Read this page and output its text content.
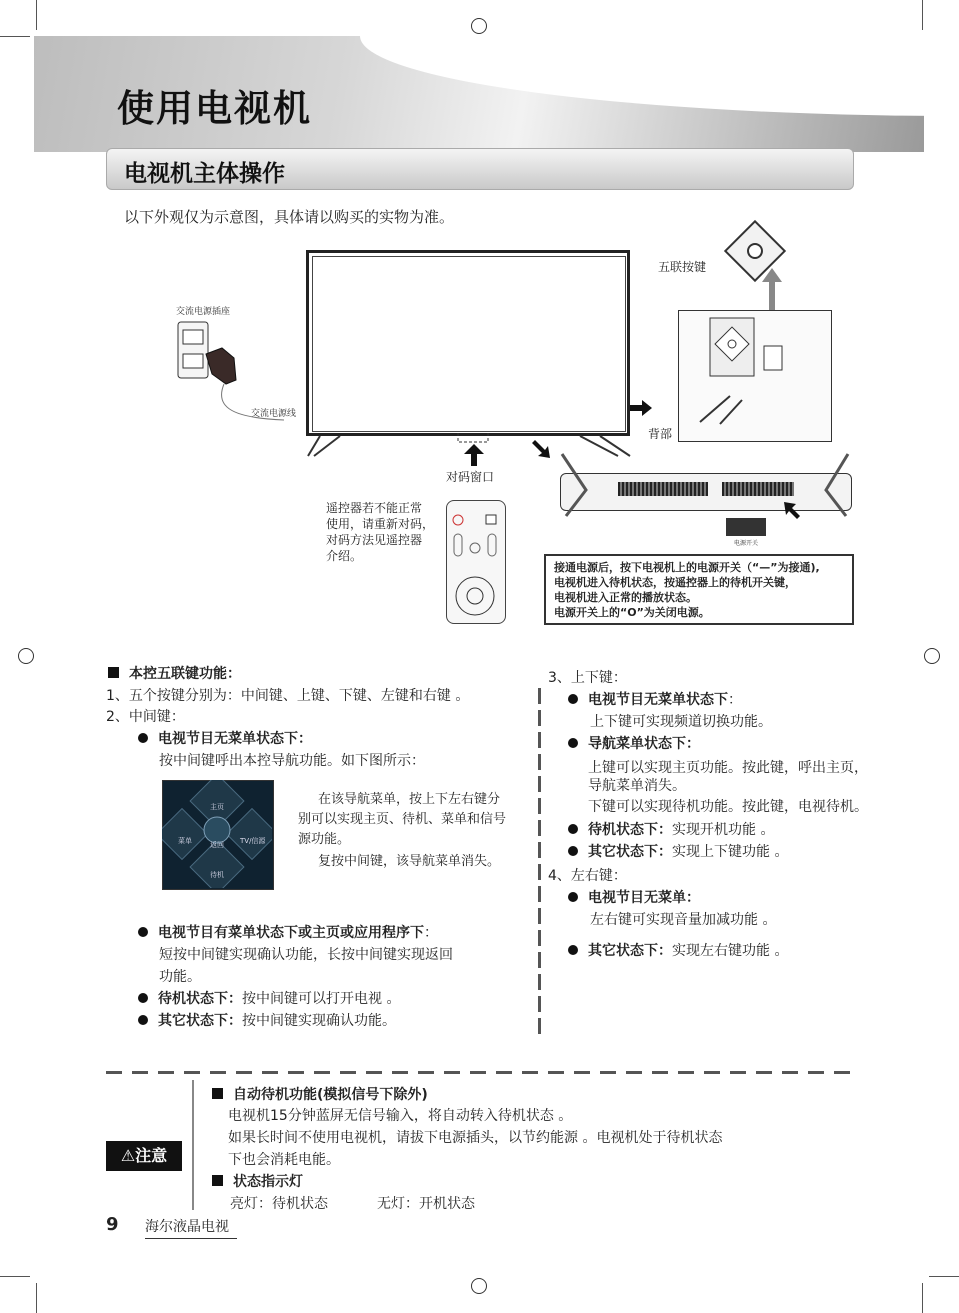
使用电视机
电视机主体操作
以下外观仅为示意图，具体请以购买的实物为准。
对码窗口
交流电源插座
交流电源线
五联按键
背部
电源开关
遥控器若不能正常
使用，请重新对码，
对码方法见遥控器
介绍。
接通电源后，按下电视机上的电源开关（“—”为接通),
电视机进入待机状态，按遥控器上的待机开关键，
电视机进入正常的播放状态。
电源开关上的“O”为关闭电源。
本控五联键功能：
1、五个按键分别为：中间键、上键、下键、左键和右键 。
2、中间键：
电视节目无菜单状态下：
按中间键呼出本控导航功能。如下图所示：
主页
菜单	返回 TV/信源
待机
在该导航菜单，按上下左右键分
别可以实现主页、待机、菜单和信号
源功能。
复按中间键，该导航菜单消失。
电视节目有菜单状态下或主页或应用程序下：
短按中间键实现确认功能，长按中间键实现返回
功能。
待机状态下：按中间键可以打开电视 。
其它状态下：按中间键实现确认功能。
3、上下键：
电视节目无菜单状态下：
上下键可实现频道切换功能。
导航菜单状态下：
上键可以实现主页功能。按此键，呼出主页，
导航菜单消失。
下键可以实现待机功能。按此键，电视待机。
待机状态下：实现开机功能 。
其它状态下：实现上下键功能 。
4、左右键：
电视节目无菜单：
左右键可实现音量加减功能 。
其它状态下：实现左右键功能 。
⚠注意
自动待机功能(模拟信号下除外)
电视机15分钟蓝屏无信号输入，将自动转入待机状态 。
如果长时间不使用电视机，请拔下电源插头，以节约能源 。电视机处于待机状态
下也会消耗电能。
状态指示灯
亮灯：待机状态	无灯：开机状态
9 海尔液晶电视
